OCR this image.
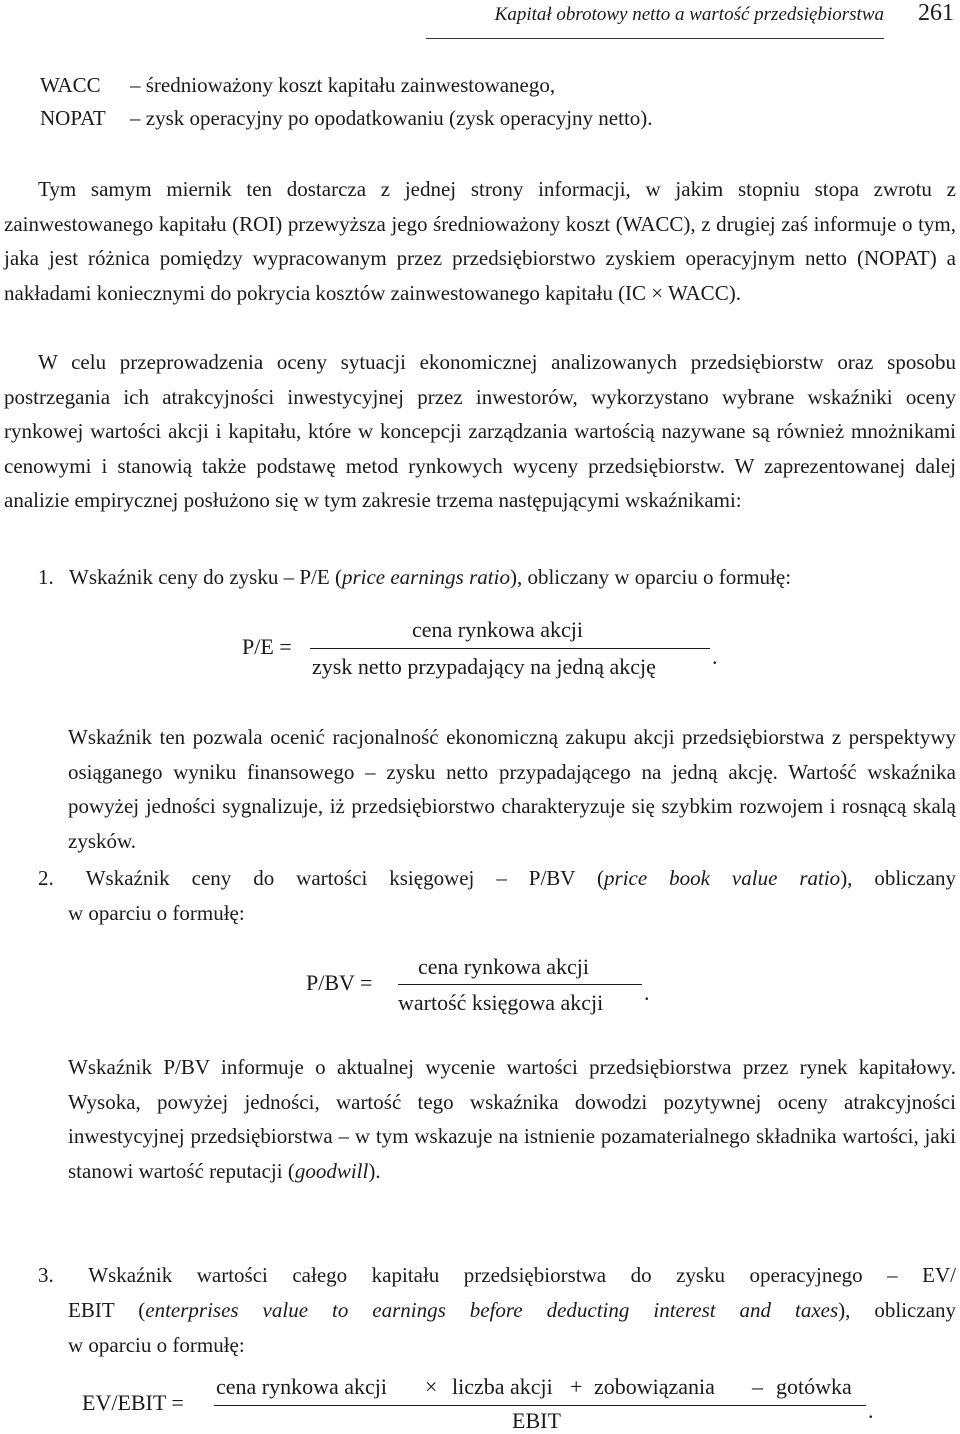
Kapitał obrotowy netto a wartość przedsiębiorstwa 261
WACC – średnioważony koszt kapitału zainwestowanego,
NOPAT – zysk operacyjny po opodatkowaniu (zysk operacyjny netto).
Tym samym miernik ten dostarcza z jednej strony informacji, w jakim stopniu stopa zwrotu z zainwestowanego kapitału (ROI) przewyższa jego średnioważony koszt (WACC), z drugiej zaś informuje o tym, jaka jest różnica pomiędzy wypracowanym przez przedsiębiorstwo zyskiem operacyjnym netto (NOPAT) a nakładami koniecznymi do pokrycia kosztów zainwestowanego kapitału (IC × WACC).
W celu przeprowadzenia oceny sytuacji ekonomicznej analizowanych przedsiębiorstw oraz sposobu postrzegania ich atrakcyjności inwestycyjnej przez inwestorów, wykorzystano wybrane wskaźniki oceny rynkowej wartości akcji i kapitału, które w koncepcji zarządzania wartością nazywane są również mnożnikami cenowymi i stanowią także podstawę metod rynkowych wyceny przedsiębiorstw. W zaprezentowanej dalej analizie empirycznej posłużono się w tym zakresie trzema następującymi wskaźnikami:
1. Wskaźnik ceny do zysku – P/E (price earnings ratio), obliczany w oparciu o formułę:
P/E =
cena rynkowa akcji
zysk netto przypadający na jedną akcję	.
Wskaźnik ten pozwala ocenić racjonalność ekonomiczną zakupu akcji przedsiębiorstwa z perspektywy osiąganego wyniku finansowego – zysku netto przypadającego na jedną akcję. Wartość wskaźnika powyżej jedności sygnalizuje, iż przedsiębiorstwo charakteryzuje się szybkim rozwojem i rosnącą skalą zysków.
2. Wskaźnik ceny do wartości księgowej – P/BV (price book value ratio), obliczany
w oparciu o formułę:
P/BV =
cena rynkowa akcji
wartość księgowa akcji .
Wskaźnik P/BV informuje o aktualnej wycenie wartości przedsiębiorstwa przez rynek kapitałowy. Wysoka, powyżej jedności, wartość tego wskaźnika dowodzi pozytywnej oceny atrakcyjności inwestycyjnej przedsiębiorstwa – w tym wskazuje na istnienie pozamaterialnego składnika wartości, jaki stanowi wartość reputacji (goodwill).
3. Wskaźnik wartości całego kapitału przedsiębiorstwa do zysku operacyjnego – EV/
EBIT (enterprises value to earnings before deducting interest and taxes), obliczany
w oparciu o formułę:
EV/EBIT =
cena rynkowa akcji × liczba akcji + zobowiązania – gotówka
EBIT	.
